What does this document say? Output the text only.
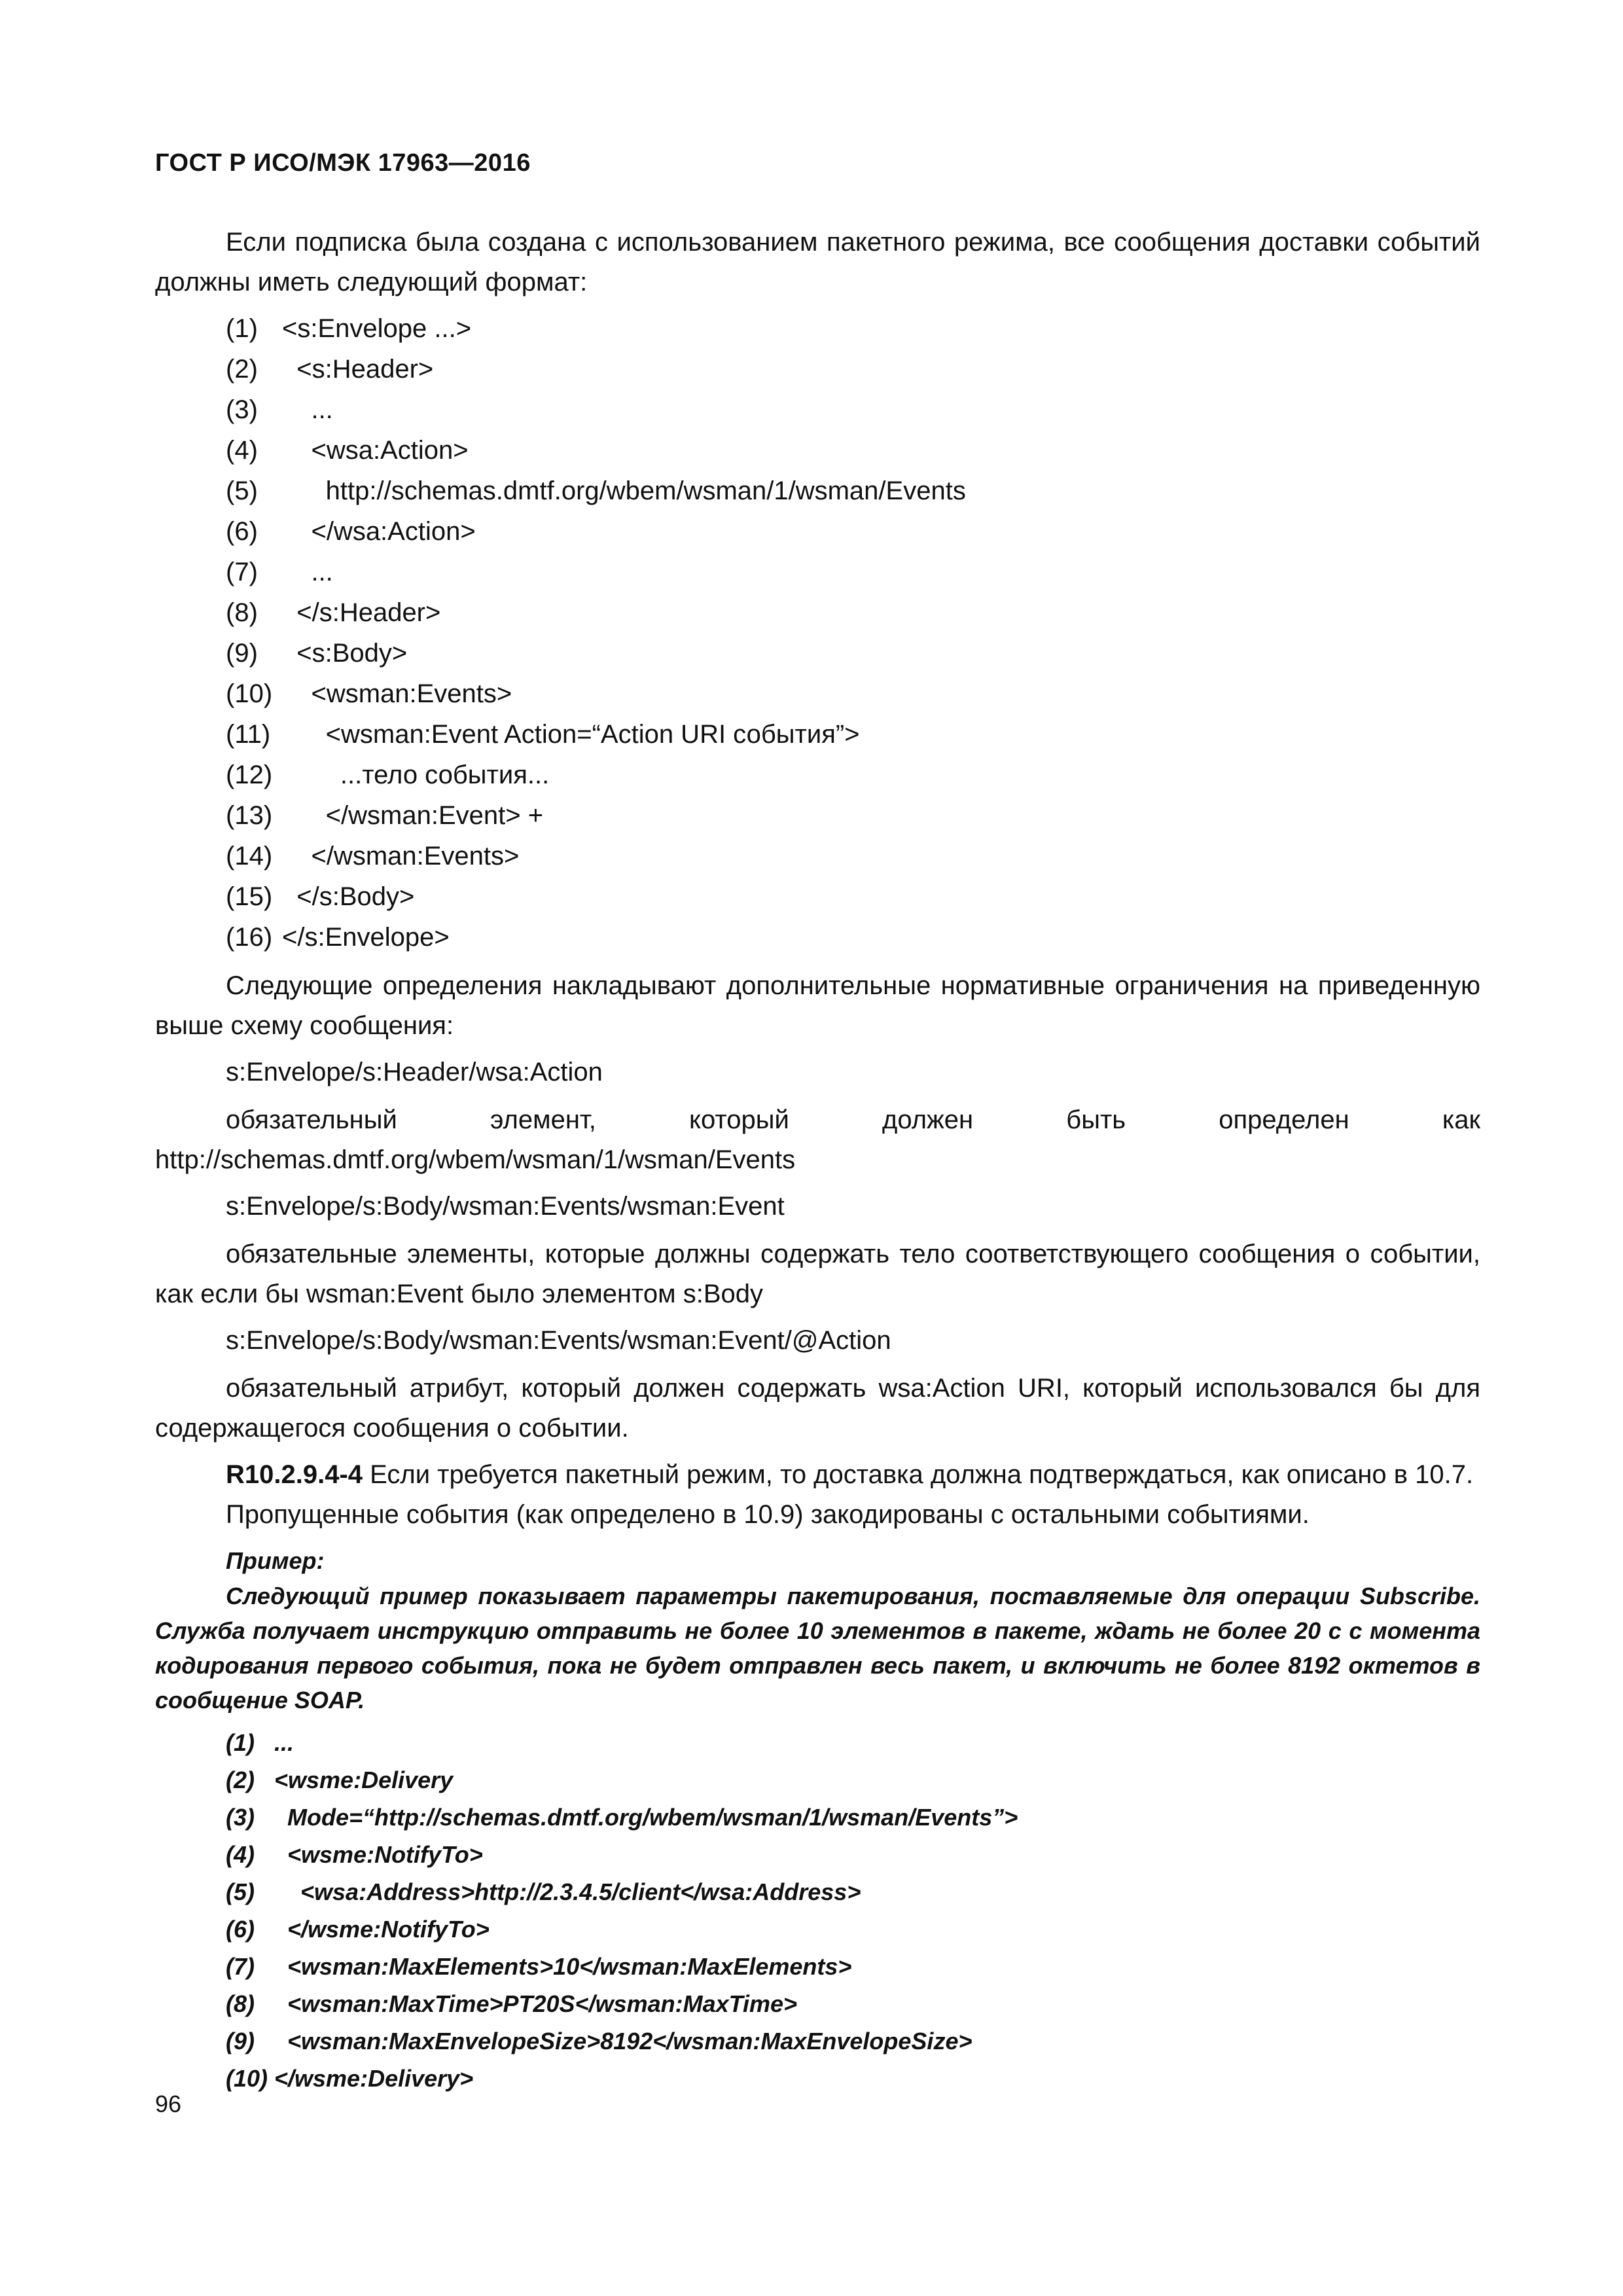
ГОСТ Р ИСО/МЭК 17963—2016

Если подписка была создана с использованием пакетного режима, все сообщения доставки событий должны иметь следующий формат:

(1) <s:Envelope ...>
(2) <s:Header>
(3) ...
(4) <wsa:Action>
(5) http://schemas.dmtf.org/wbem/wsman/1/wsman/Events
(6) </wsa:Action>
(7) ...
(8) </s:Header>
(9) <s:Body>
(10) <wsman:Events>
(11) <wsman:Event Action=“Action URI события”>
(12) ...тело события...
(13) </wsman:Event> +
(14) </wsman:Events>
(15) </s:Body>
(16) </s:Envelope>

Следующие определения накладывают дополнительные нормативные ограничения на приведенную выше схему сообщения:

s:Envelope/s:Header/wsa:Action

обязательный элемент, который должен быть определен как http://schemas.dmtf.org/wbem/wsman/1/wsman/Events

s:Envelope/s:Body/wsman:Events/wsman:Event

обязательные элементы, которые должны содержать тело соответствующего сообщения о событии, как если бы wsman:Event было элементом s:Body

s:Envelope/s:Body/wsman:Events/wsman:Event/@Action

обязательный атрибут, который должен содержать wsa:Action URI, который использовался бы для содержащегося сообщения о событии.

R10.2.9.4-4 Если требуется пакетный режим, то доставка должна подтверждаться, как описано в 10.7.

Пропущенные события (как определено в 10.9) закодированы с остальными событиями.

Пример:

Следующий пример показывает параметры пакетирования, поставляемые для операции Subscribe. Служба получает инструкцию отправить не более 10 элементов в пакете, ждать не более 20 с с момента кодирования первого события, пока не будет отправлен весь пакет, и включить не более 8192 октетов в сообщение SOAP.

(1) ...
(2) <wsme:Delivery
(3) Mode=“http://schemas.dmtf.org/wbem/wsman/1/wsman/Events”>
(4) <wsme:NotifyTo>
(5) <wsa:Address>http://2.3.4.5/client</wsa:Address>
(6) </wsme:NotifyTo>
(7) <wsman:MaxElements>10</wsman:MaxElements>
(8) <wsman:MaxTime>PT20S</wsman:MaxTime>
(9) <wsman:MaxEnvelopeSize>8192</wsman:MaxEnvelopeSize>
(10) </wsme:Delivery>
96
